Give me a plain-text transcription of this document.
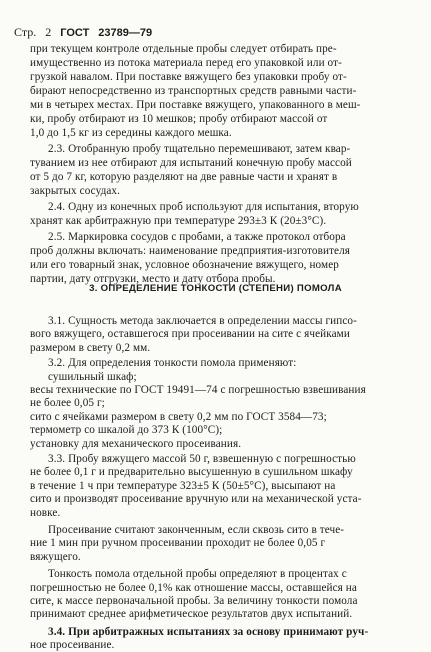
Стр. 2 ГОСТ 23789—79
при текущем контроле отдельные пробы следует отбирать пре-
имущественно из потока материала перед его упаковкой или от-
грузкой навалом. При поставке вяжущего без упаковки пробу от-
бирают непосредственно из транспортных средств равными части-
ми в четырех местах. При поставке вяжущего, упакованного в меш-
ки, пробу отбирают из 10 мешков; пробу отбирают массой от
1,0 до 1,5 кг из середины каждого мешка.
2.3. Отобранную пробу тщательно перемешивают, затем квар-
туванием из нее отбирают для испытаний конечную пробу массой
от 5 до 7 кг, которую разделяют на две равные части и хранят в
закрытых сосудах.
2.4. Одну из конечных проб используют для испытания, вторую
хранят как арбитражную при температуре 293±3 К (20±3°С).
2.5. Маркировка сосудов с пробами, а также протокол отбора
проб должны включать: наименование предприятия-изготовителя
или его товарный знак, условное обозначение вяжущего, номер
партии, дату отгрузки, место и дату отбора пробы.
3. ОПРЕДЕЛЕНИЕ ТОНКОСТИ (СТЕПЕНИ) ПОМОЛА
3.1. Сущность метода заключается в определении массы гипсо-
вого вяжущего, оставшегося при просеивании на сите с ячейками
размером в свету 0,2 мм.
3.2. Для определения тонкости помола применяют:
сушильный шкаф;
весы технические по ГОСТ 19491—74 с погрешностью взвешивания
не более 0,05 г;
сито с ячейками размером в свету 0,2 мм по ГОСТ 3584—73;
термометр со шкалой до 373 К (100°С);
установку для механического просеивания.
3.3. Пробу вяжущего массой 50 г, взвешенную с погрешностью
не более 0,1 г и предварительно высушенную в сушильном шкафу
в течение 1 ч при температуре 323±5 К (50±5°С), высыпают на
сито и производят просеивание вручную или на механической уста-
новке.
Просеивание считают законченным, если сквозь сито в тече-
ние 1 мин при ручном просеивании проходит не более 0,05 г
вяжущего.
Тонкость помола отдельной пробы определяют в процентах с
погрешностью не более 0,1% как отношение массы, оставшейся на
сите, к массе первоначальной пробы. За величину тонкости помола
принимают среднее арифметическое результатов двух испытаний.
3.4. При арбитражных испытаниях за основу принимают руч-
ное просеивание.
